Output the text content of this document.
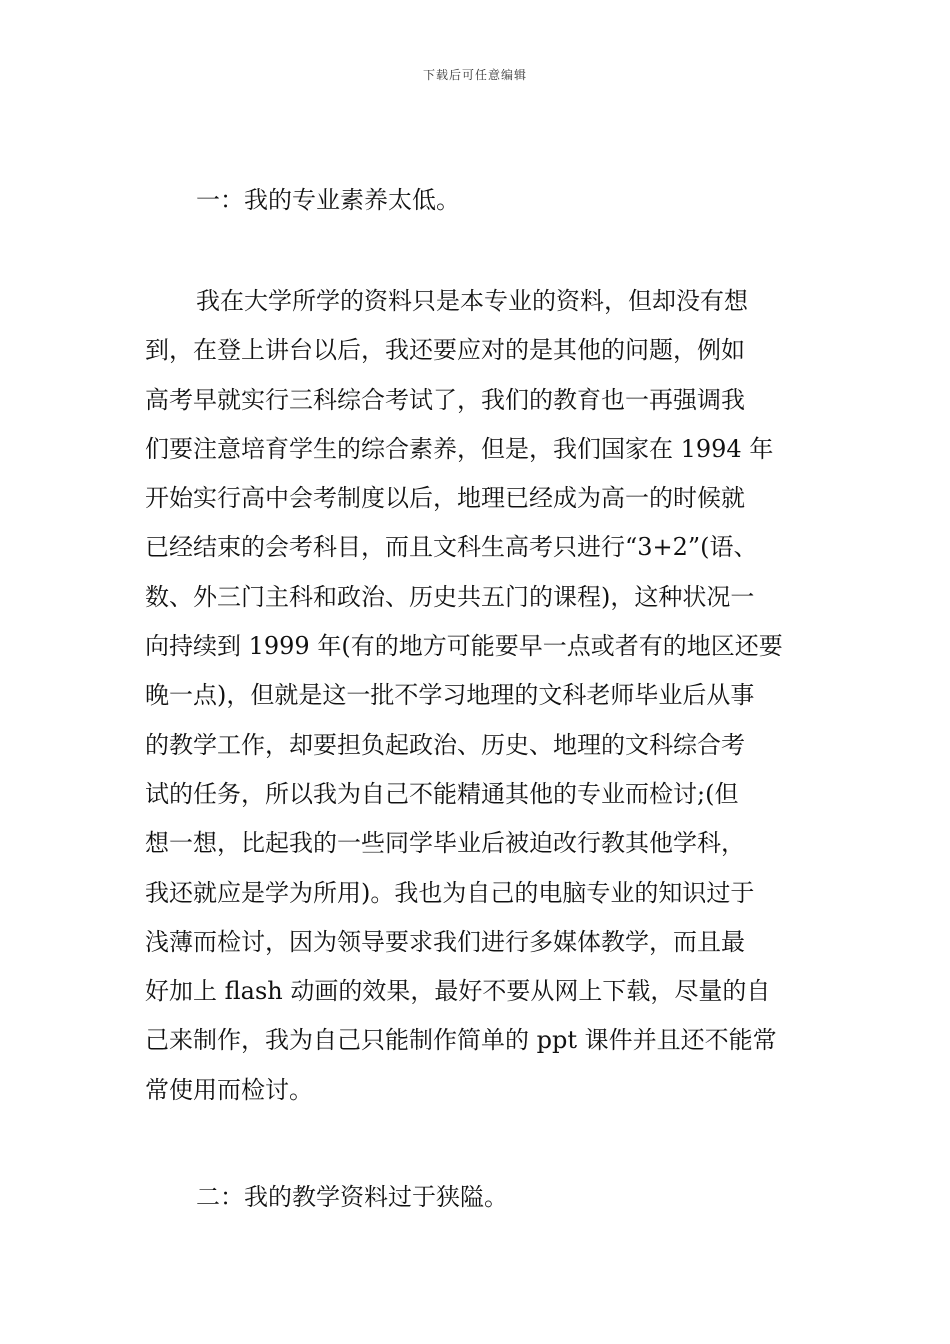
下载后可任意编辑
一：我的专业素养太低。
我在大学所学的资料只是本专业的资料，但却没有想
到，在登上讲台以后，我还要应对的是其他的问题，例如
高考早就实行三科综合考试了，我们的教育也一再强调我
们要注意培育学生的综合素养，但是，我们国家在 1994 年
开始实行高中会考制度以后，地理已经成为高一的时候就
已经结束的会考科目，而且文科生高考只进行“3+2”(语、
数、外三门主科和政治、历史共五门的课程)，这种状况一
向持续到 1999 年(有的地方可能要早一点或者有的地区还要
晚一点)，但就是这一批不学习地理的文科老师毕业后从事
的教学工作，却要担负起政治、历史、地理的文科综合考
试的任务，所以我为自己不能精通其他的专业而检讨;(但
想一想，比起我的一些同学毕业后被迫改行教其他学科，
我还就应是学为所用)。我也为自己的电脑专业的知识过于
浅薄而检讨，因为领导要求我们进行多媒体教学，而且最
好加上 flash 动画的效果，最好不要从网上下载，尽量的自
己来制作，我为自己只能制作简单的 ppt 课件并且还不能常
常使用而检讨。
二：我的教学资料过于狭隘。
